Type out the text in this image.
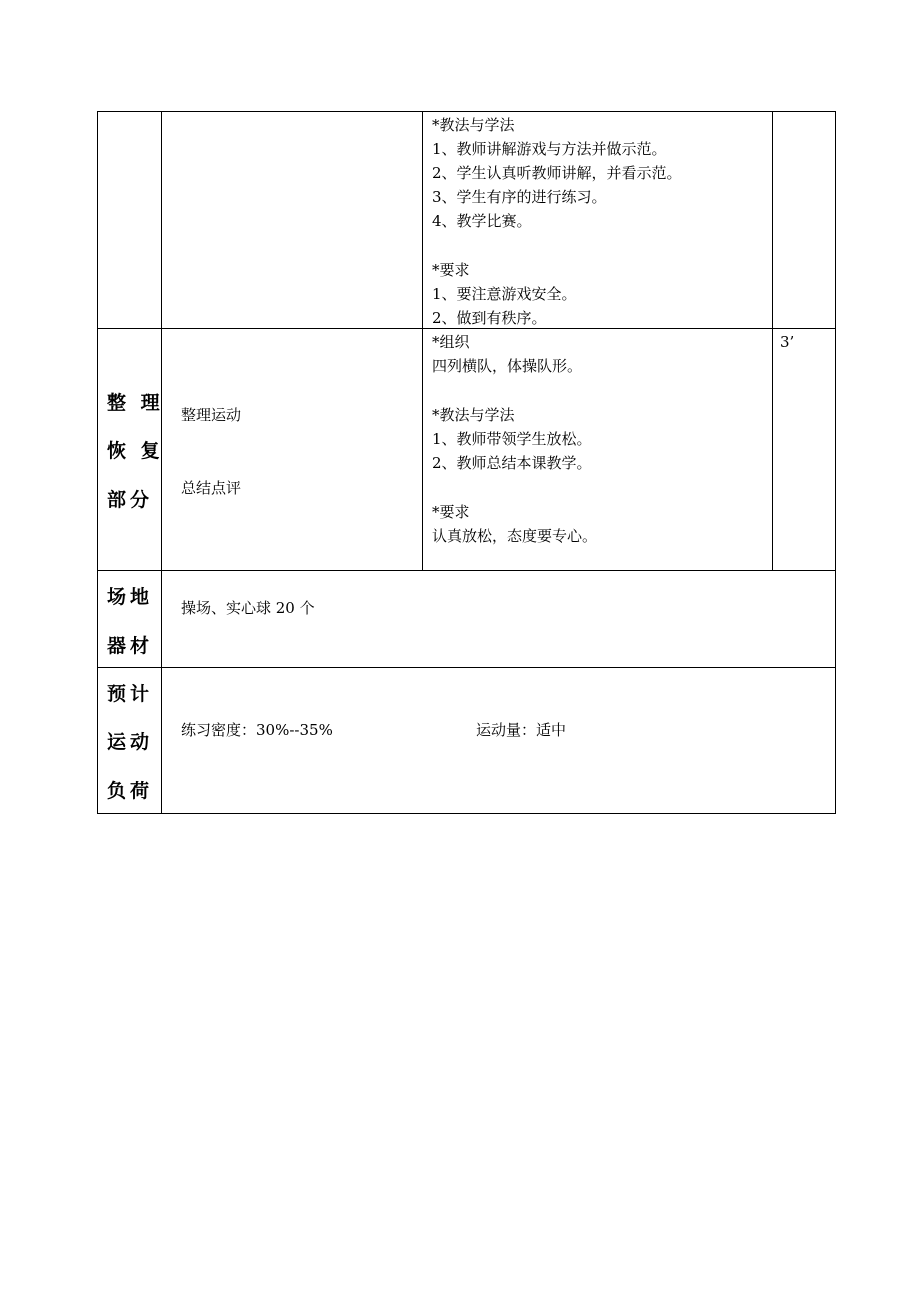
*教法与学法
1、教师讲解游戏与方法并做示范。
2、学生认真听教师讲解，并看示范。
3、学生有序的进行练习。
4、教学比赛。
*要求
1、要注意游戏安全。
2、做到有秩序。
整 理
恢 复
部分
整理运动
总结点评
*组织
四列横队，体操队形。
*教法与学法
1、教师带领学生放松。
2、教师总结本课教学。
*要求
认真放松，态度要专心。
3’
场地
器材
操场、实心球 20 个
预计
运动
负荷
练习密度：30%--35%	运动量：适中
